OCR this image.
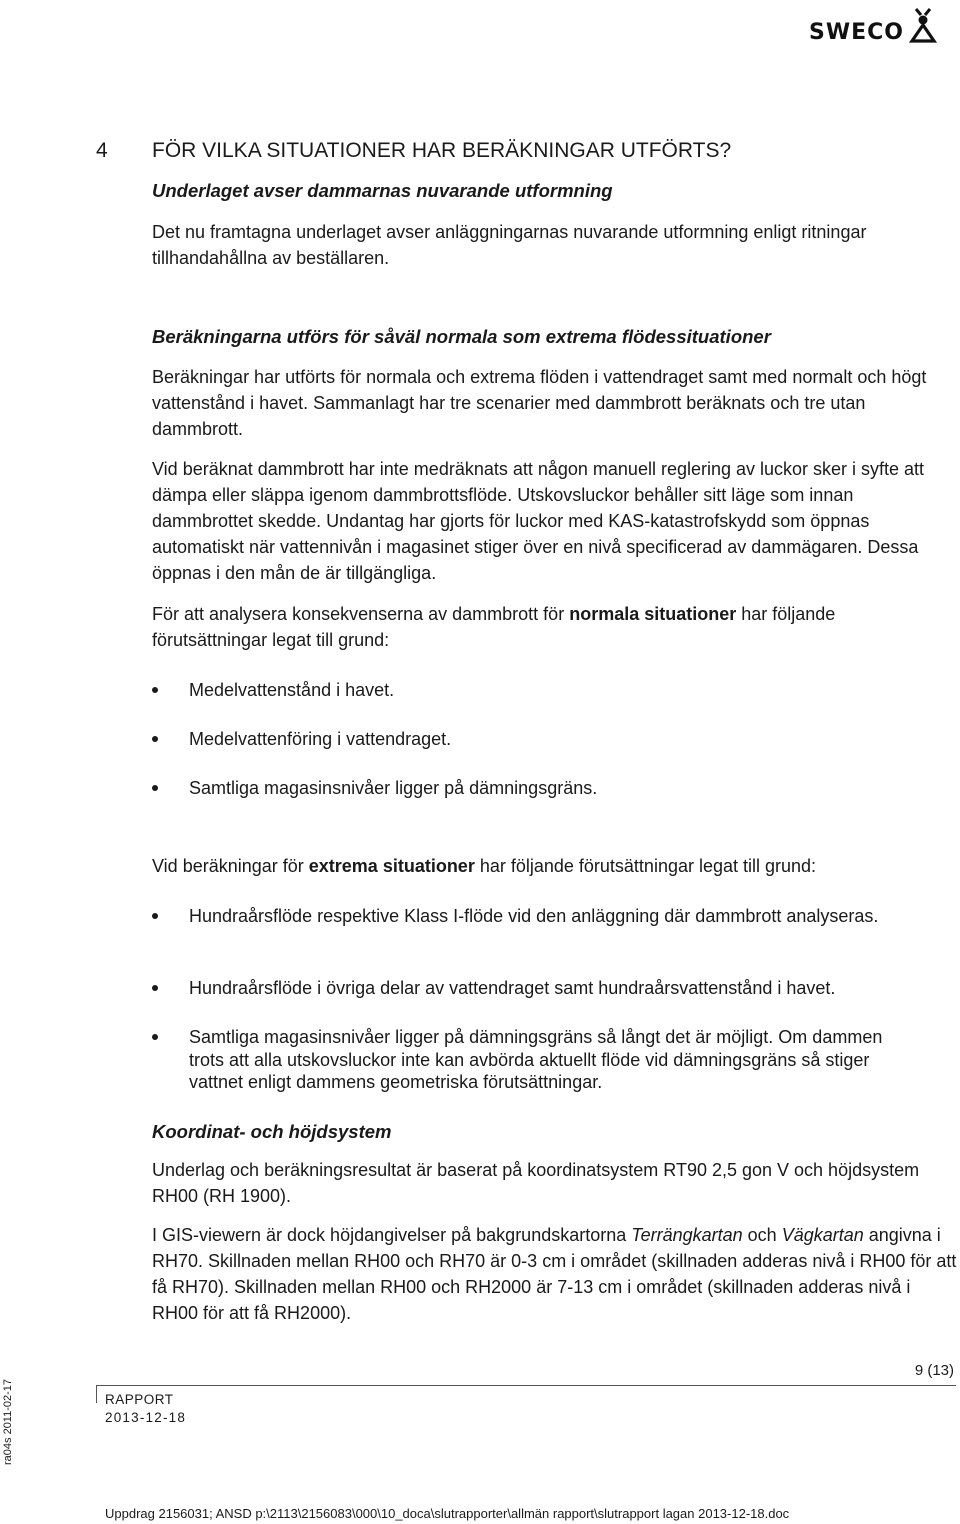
SWECO
4 FÖR VILKA SITUATIONER HAR BERÄKNINGAR UTFÖRTS?
Underlaget avser dammarnas nuvarande utformning
Det nu framtagna underlaget avser anläggningarnas nuvarande utformning enligt ritningar tillhandahållna av beställaren.
Beräkningarna utförs för såväl normala som extrema flödessituationer
Beräkningar har utförts för normala och extrema flöden i vattendraget samt med normalt och högt vattenstånd i havet. Sammanlagt har tre scenarier med dammbrott beräknats och tre utan dammbrott.
Vid beräknat dammbrott har inte medräknats att någon manuell reglering av luckor sker i syfte att dämpa eller släppa igenom dammbrottsflöde. Utskovsluckor behåller sitt läge som innan dammbrottet skedde. Undantag har gjorts för luckor med KAS-katastrofskydd som öppnas automatiskt när vattennivån i magasinet stiger över en nivå specificerad av dammägaren. Dessa öppnas i den mån de är tillgängliga.
För att analysera konsekvenserna av dammbrott för normala situationer har följande förutsättningar legat till grund:
Medelvattenstånd i havet.
Medelvattenföring i vattendraget.
Samtliga magasinsnivåer ligger på dämningsgräns.
Vid beräkningar för extrema situationer har följande förutsättningar legat till grund:
Hundraårsflöde respektive Klass I-flöde vid den anläggning där dammbrott analyseras.
Hundraårsflöde i övriga delar av vattendraget samt hundraårsvattenstånd i havet.
Samtliga magasinsnivåer ligger på dämningsgräns så långt det är möjligt. Om dammen trots att alla utskovsluckor inte kan avbörda aktuellt flöde vid dämningsgräns så stiger vattnet enligt dammens geometriska förutsättningar.
Koordinat- och höjdsystem
Underlag och beräkningsresultat är baserat på koordinatsystem RT90 2,5 gon V och höjdsystem RH00 (RH 1900).
I GIS-viewern är dock höjdangivelser på bakgrundskartorna Terrängkartan och Vägkartan angivna i RH70. Skillnaden mellan RH00 och RH70 är 0-3 cm i området (skillnaden adderas nivå i RH00 för att få RH70). Skillnaden mellan RH00 och RH2000 är 7-13 cm i området (skillnaden adderas nivå i RH00 för att få RH2000).
9 (13)
RAPPORT
2013-12-18
ra04s 2011-02-17
Uppdrag 2156031; ANSD p:\2113\2156083\000\10_doca\slutrapporter\allmän rapport\slutrapport lagan 2013-12-18.doc
